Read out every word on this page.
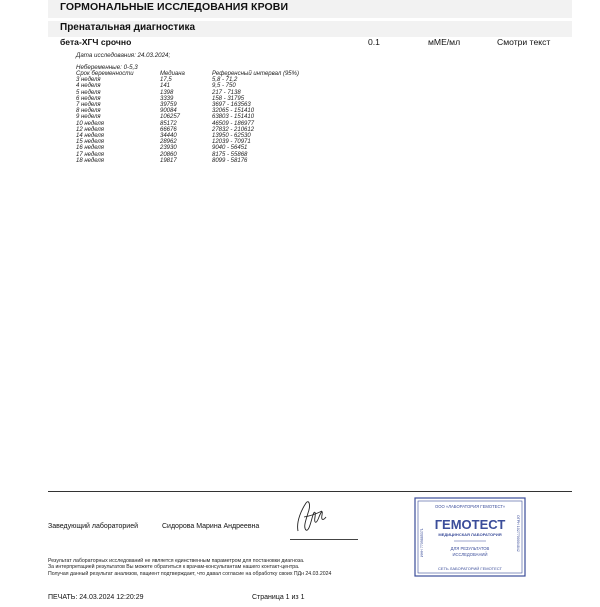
ГОРМОНАЛЬНЫЕ ИССЛЕДОВАНИЯ КРОВИ
Пренатальная диагностика
бета-ХГЧ срочно	0.1	мМЕ/мл	Смотри текст
Дата исследования: 24.03.2024;
Небеременные: 0-5,3
Срок беременности	Медиана	Референсный интервал (95%)
3 неделя	17,5	5,8 - 71,2
4 неделя	141	9,5 - 750
5 неделя	1398	217 - 7138
6 неделя	3339	158 - 31795
7 неделя	39759	3697 - 163563
8 неделя	90084	32065 - 151410
9 неделя	106257	63803 - 151410
10 неделя	85172	46509 - 186977
12 неделя	66676	27832 - 210612
14 неделя	34440	13950 - 62530
15 неделя	28962	12039 - 70971
16 неделя	23930	9040 - 56451
17 неделя	20860	8175 - 55868
18 неделя	19817	8099 - 58176
Заведующий лабораторией	Сидорова Марина Андреевна
Результат лабораторных исследований не является единственным параметром для постановки диагноза.
За интерпретацией результатов Вы можете обратиться к врачам-консультантам нашего контакт-центра.
Получая данный результат анализов, пациент подтверждает, что давал согласие на обработку своих ПДн 24.03.2024
ПЕЧАТЬ: 24.03.2024 12:20:29	Страница 1 из 1
ООО «ЛАБОРАТОРИЯ ГЕМОТЕСТ»
ГЕМОТЕСТ
МЕДИЦИНСКАЯ ЛАБОРАТОРИЯ
ДЛЯ РЕЗУЛЬТАТОВ
ИССЛЕДОВАНИЙ
СЕТЬ ЛАБОРАТОРИЙ ГЕМОТЕСТ
ИНН 7709885371	ОГРН 1027700004842
